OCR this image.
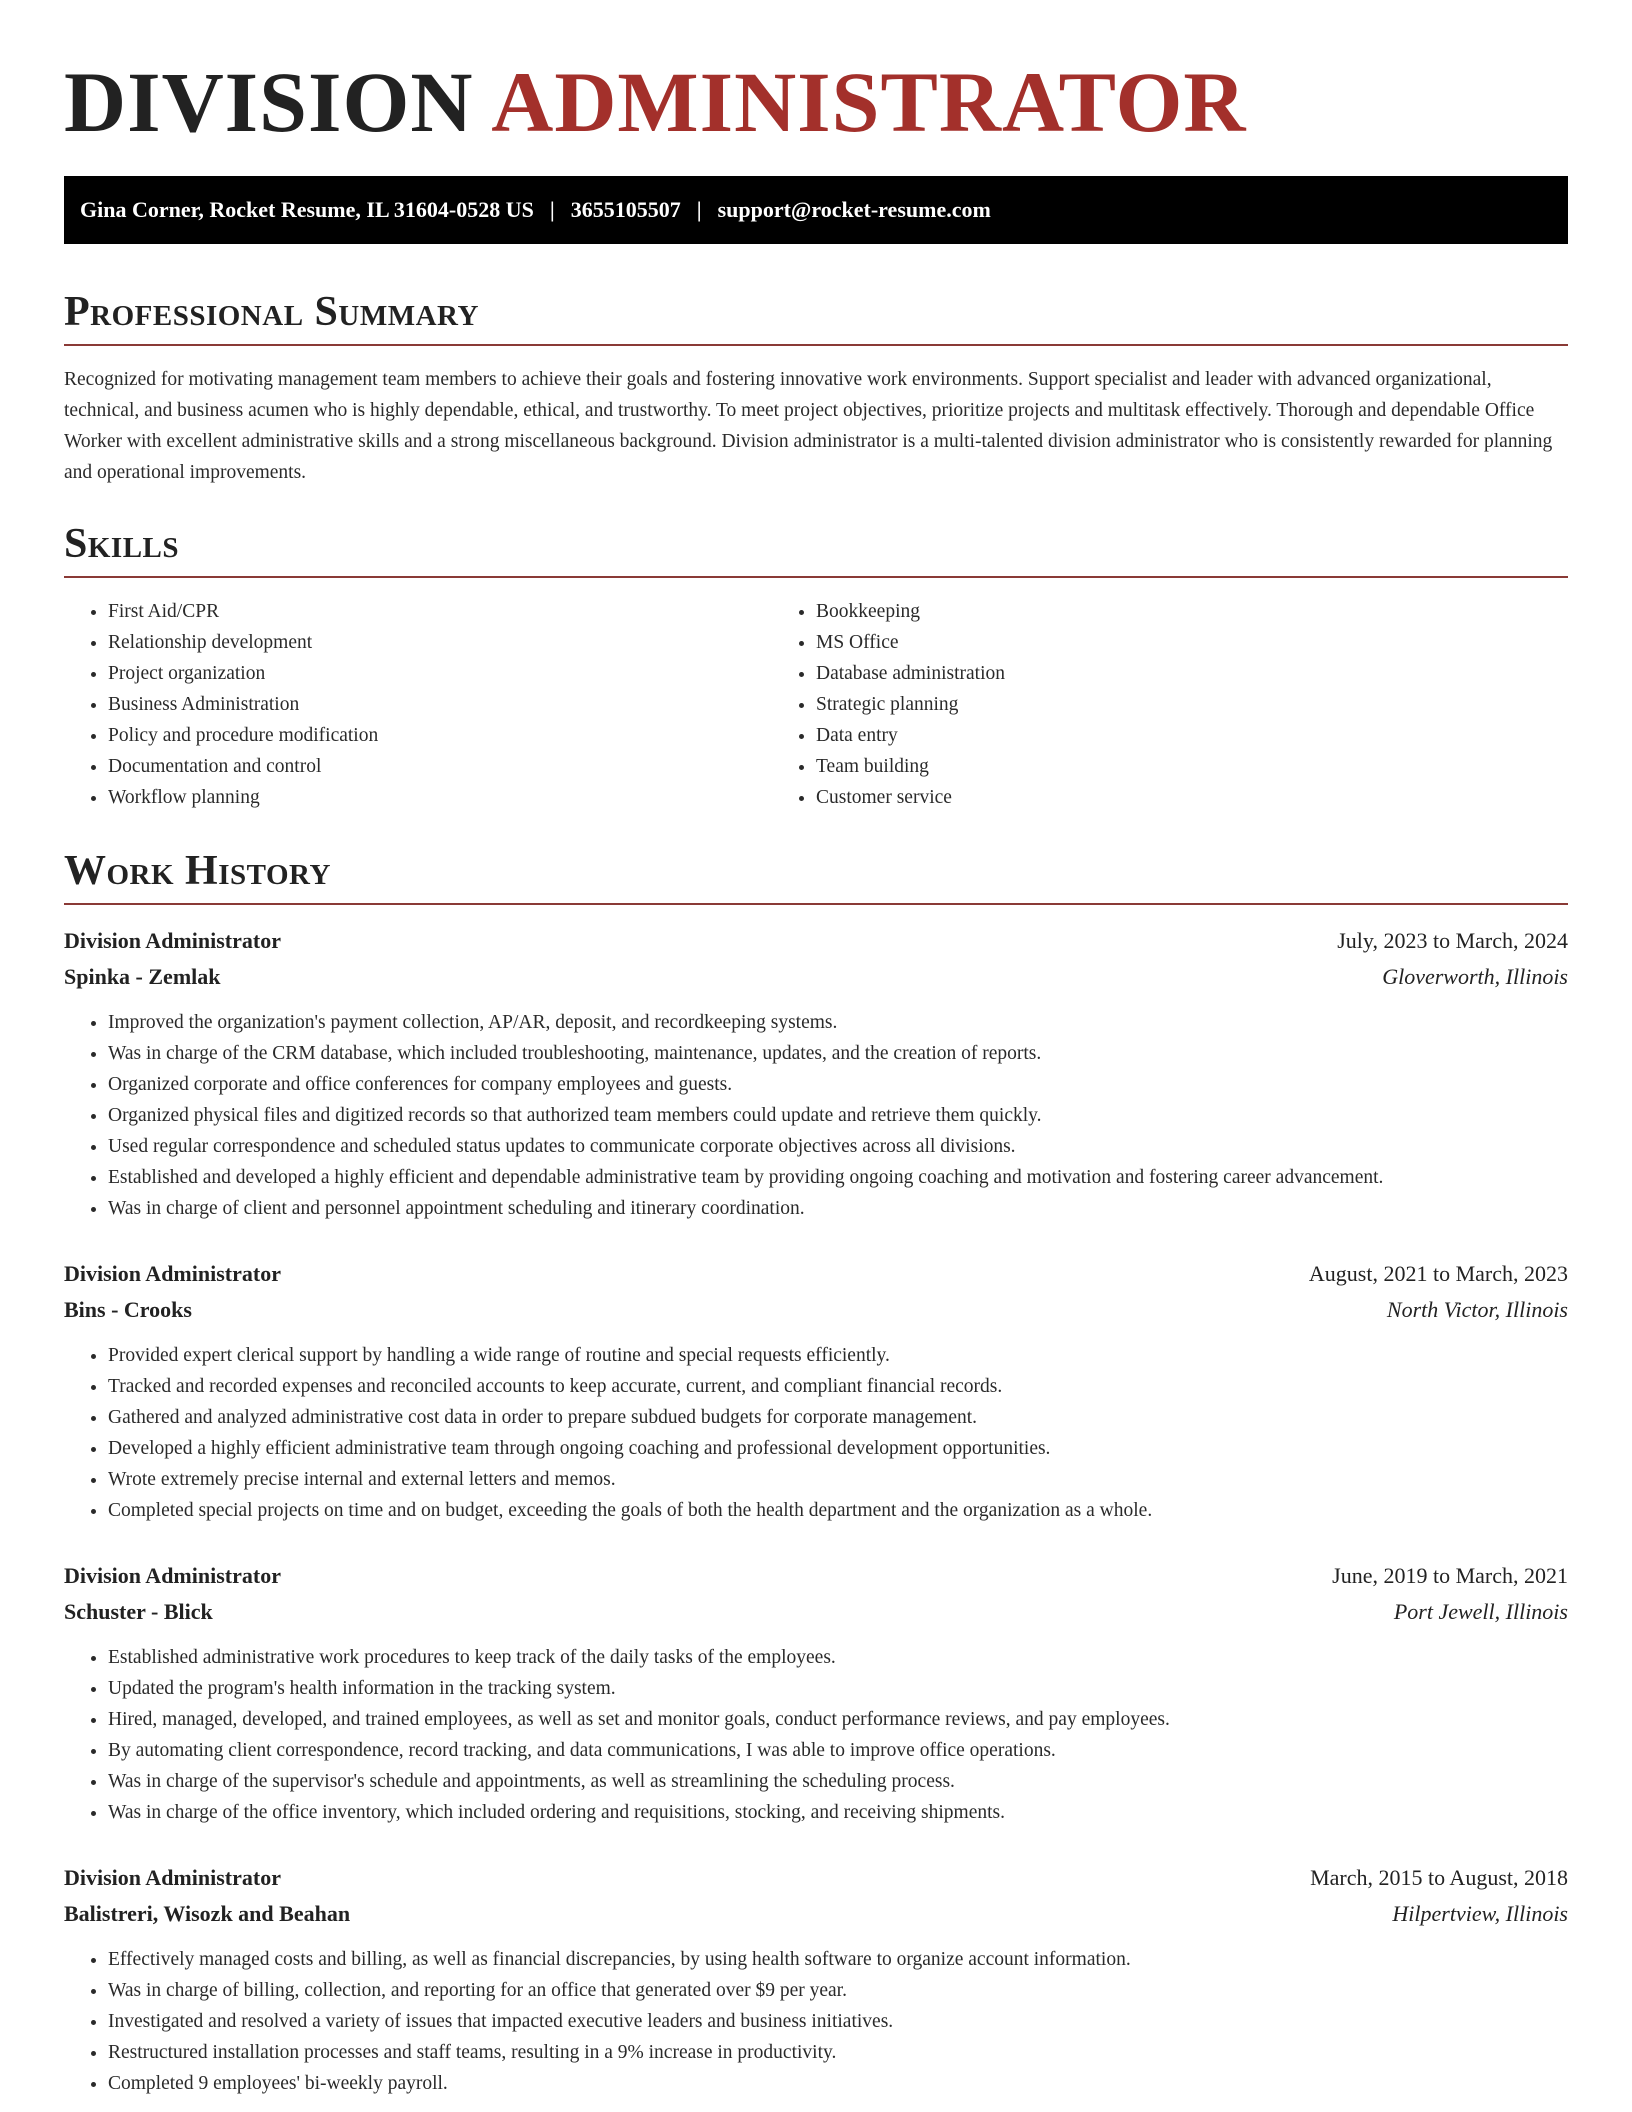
DIVISION ADMINISTRATOR
Gina Corner, Rocket Resume, IL 31604-0528 US | 3655105507 | support@rocket-resume.com
Professional Summary

Recognized for motivating management team members to achieve their goals and fostering innovative work environments. Support specialist and leader with advanced organizational, technical, and business acumen who is highly dependable, ethical, and trustworthy. To meet project objectives, prioritize projects and multitask effectively. Thorough and dependable Office Worker with excellent administrative skills and a strong miscellaneous background. Division administrator is a multi-talented division administrator who is consistently rewarded for planning and operational improvements.

Skills
• First Aid/CPR
• Relationship development
• Project organization
• Business Administration
• Policy and procedure modification
• Documentation and control
• Workflow planning
• Bookkeeping
• MS Office
• Database administration
• Strategic planning
• Data entry
• Team building
• Customer service
Work History
Division Administrator	July, 2023 to March, 2024
Spinka - Zemlak	Gloverworth, Illinois
• Improved the organization's payment collection, AP/AR, deposit, and recordkeeping systems.
• Was in charge of the CRM database, which included troubleshooting, maintenance, updates, and the creation of reports.
• Organized corporate and office conferences for company employees and guests.
• Organized physical files and digitized records so that authorized team members could update and retrieve them quickly.
• Used regular correspondence and scheduled status updates to communicate corporate objectives across all divisions.
• Established and developed a highly efficient and dependable administrative team by providing ongoing coaching and motivation and fostering career advancement.
• Was in charge of client and personnel appointment scheduling and itinerary coordination.
Division Administrator	August, 2021 to March, 2023
Bins - Crooks	North Victor, Illinois
• Provided expert clerical support by handling a wide range of routine and special requests efficiently.
• Tracked and recorded expenses and reconciled accounts to keep accurate, current, and compliant financial records.
• Gathered and analyzed administrative cost data in order to prepare subdued budgets for corporate management.
• Developed a highly efficient administrative team through ongoing coaching and professional development opportunities.
• Wrote extremely precise internal and external letters and memos.
• Completed special projects on time and on budget, exceeding the goals of both the health department and the organization as a whole.
Division Administrator	June, 2019 to March, 2021
Schuster - Blick	Port Jewell, Illinois
• Established administrative work procedures to keep track of the daily tasks of the employees.
• Updated the program's health information in the tracking system.
• Hired, managed, developed, and trained employees, as well as set and monitor goals, conduct performance reviews, and pay employees.
• By automating client correspondence, record tracking, and data communications, I was able to improve office operations.
• Was in charge of the supervisor's schedule and appointments, as well as streamlining the scheduling process.
• Was in charge of the office inventory, which included ordering and requisitions, stocking, and receiving shipments.
Division Administrator	March, 2015 to August, 2018
Balistreri, Wisozk and Beahan	Hilpertview, Illinois
• Effectively managed costs and billing, as well as financial discrepancies, by using health software to organize account information.
• Was in charge of billing, collection, and reporting for an office that generated over $9 per year.
• Investigated and resolved a variety of issues that impacted executive leaders and business initiatives.
• Restructured installation processes and staff teams, resulting in a 9% increase in productivity.
• Completed 9 employees' bi-weekly payroll.
